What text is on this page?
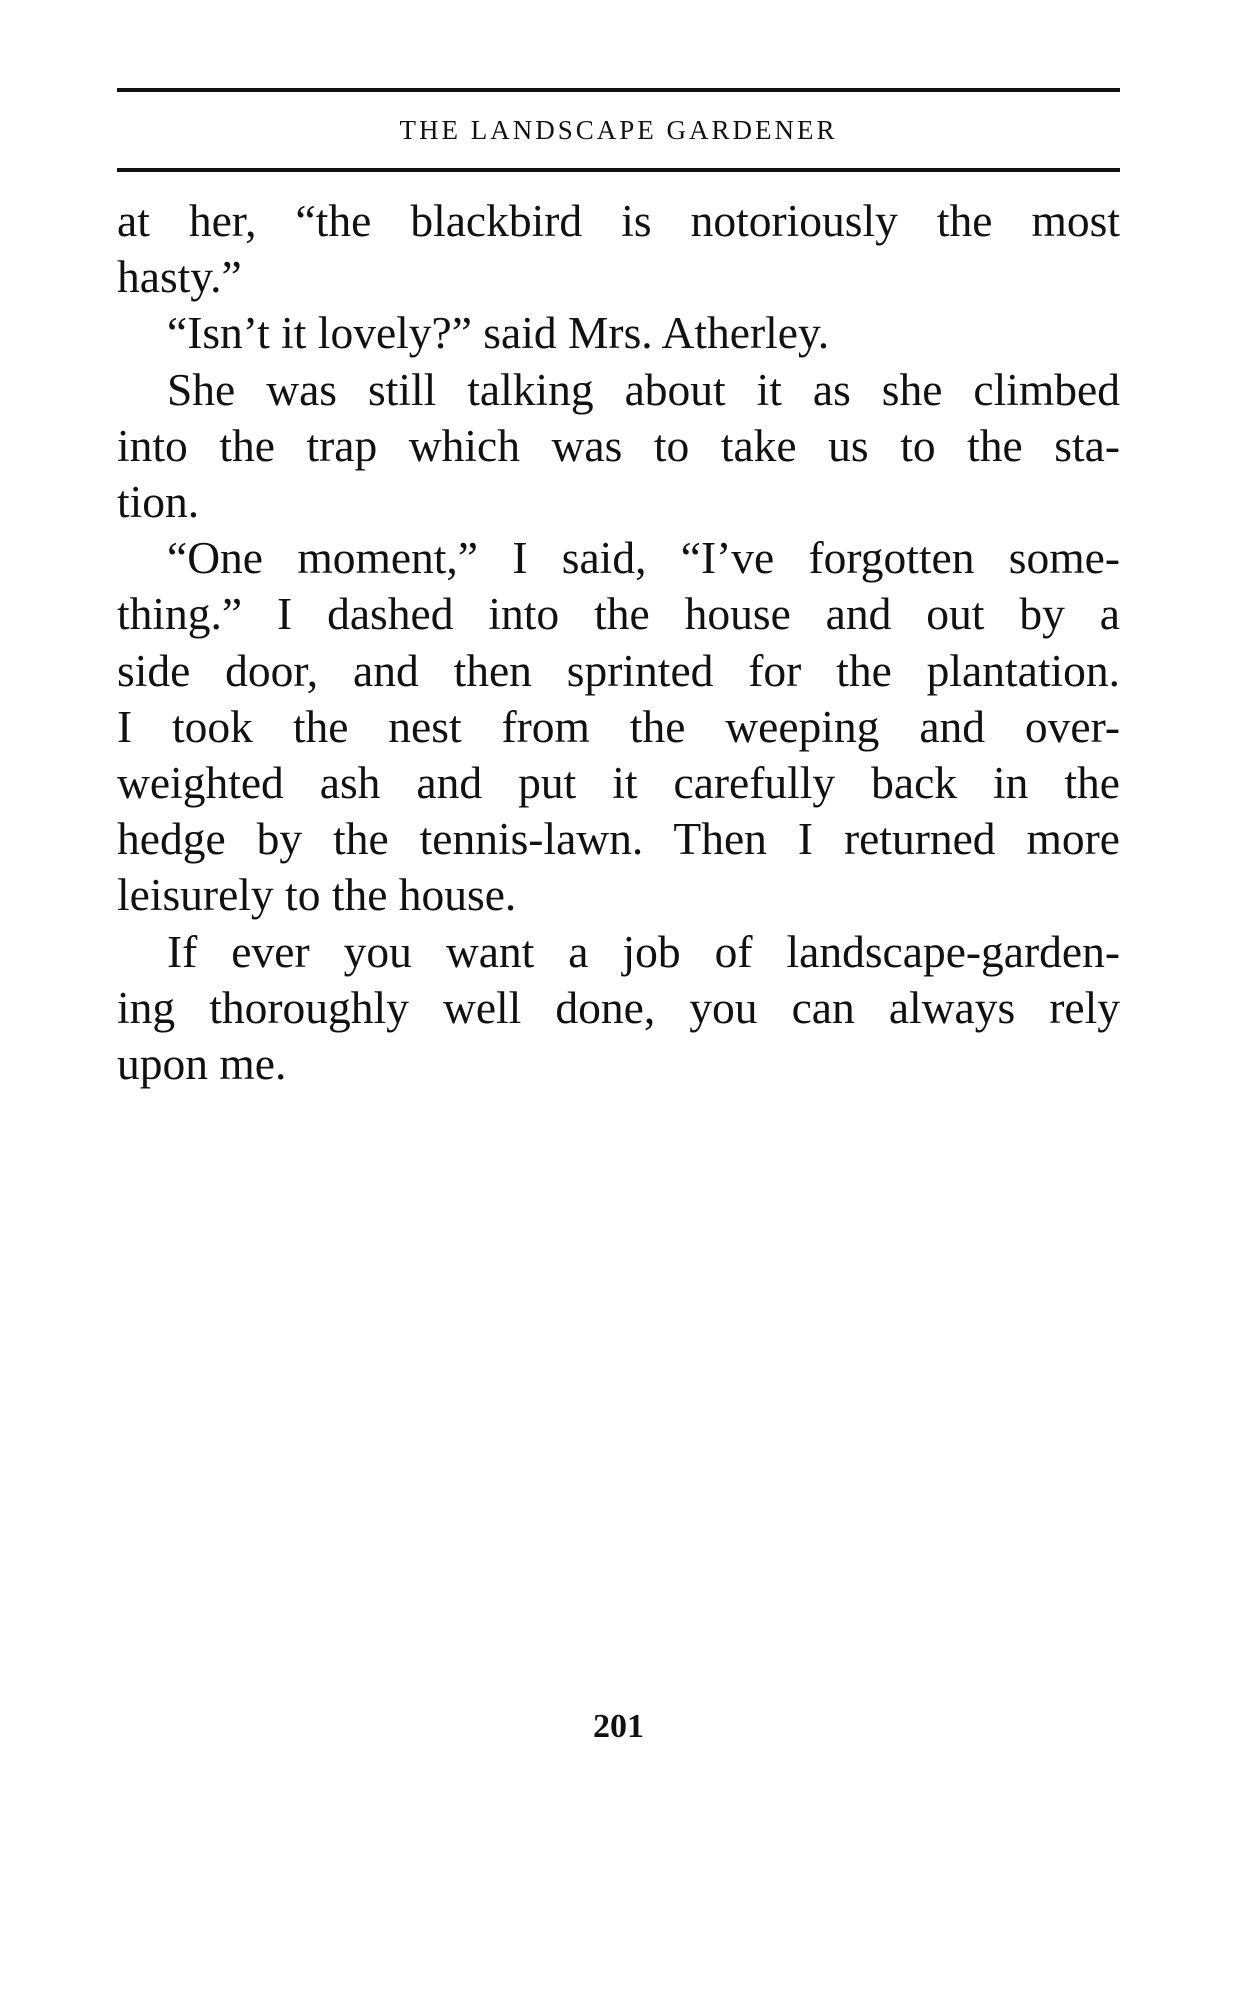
THE LANDSCAPE GARDENER

at her, “the blackbird is notoriously the most
hasty.”

“Isn’t it lovely?” said Mrs. Atherley.

She was still talking about it as she climbed
into the trap which was to take us to the sta-
tion.

“One moment,” I said, “I’ve forgotten some-
thing.” I dashed into the house and out by a
side door, and then sprinted for the plantation.
I took the nest from the weeping and over-
weighted ash and put it carefully back in the
hedge by the tennis-lawn. Then I returned more
leisurely to the house.

If ever you want a job of landscape-garden-
ing thoroughly well done, you can always rely
upon me.

201
